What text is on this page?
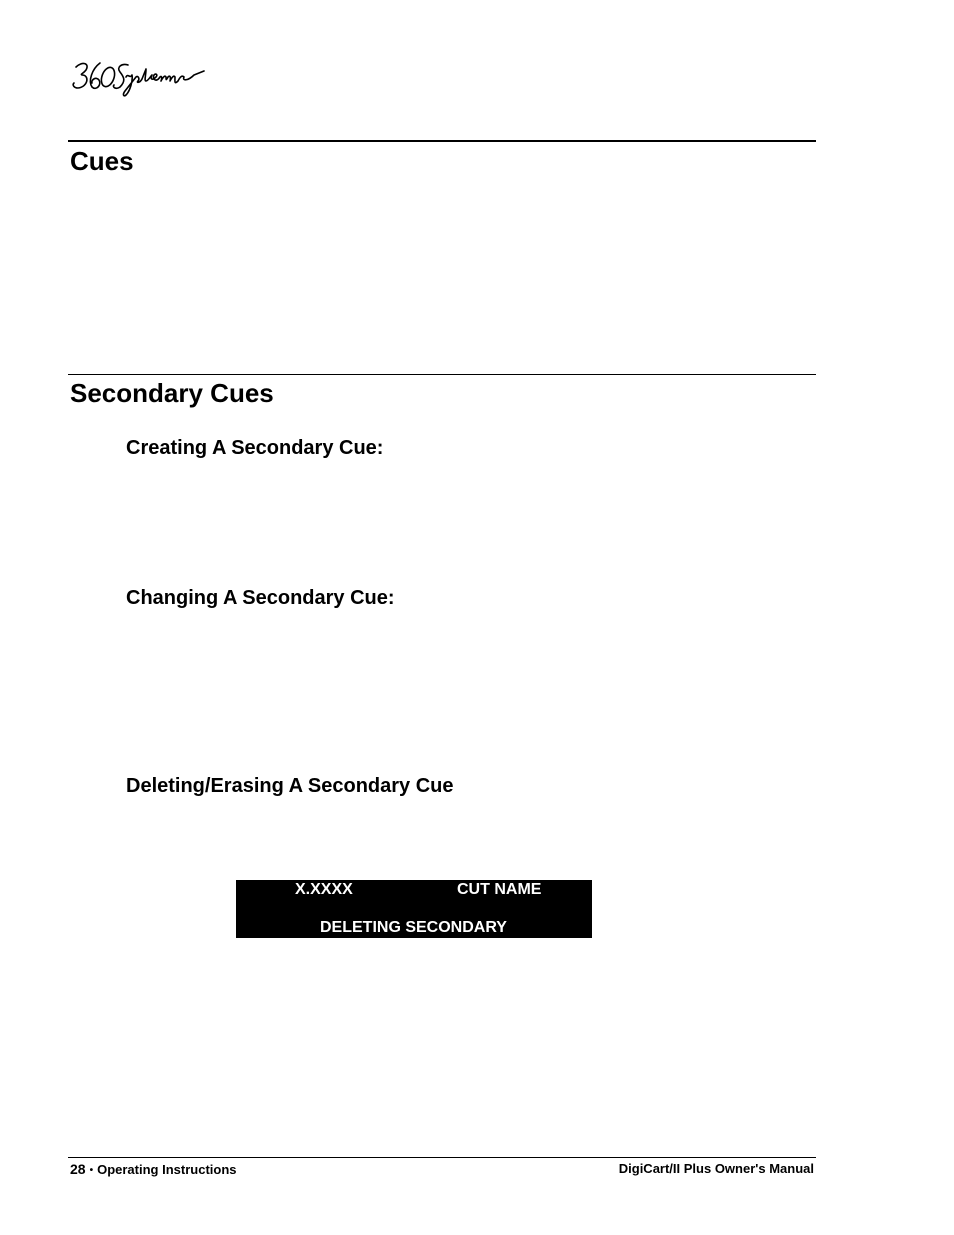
Cues
Secondary Cues
Creating A Secondary Cue:
Changing A Secondary Cue:
Deleting/Erasing A Secondary Cue
X.XXXX	CUT NAME
DELETING SECONDARY
28 • Operating Instructions	DigiCart/II Plus Owner's Manual
